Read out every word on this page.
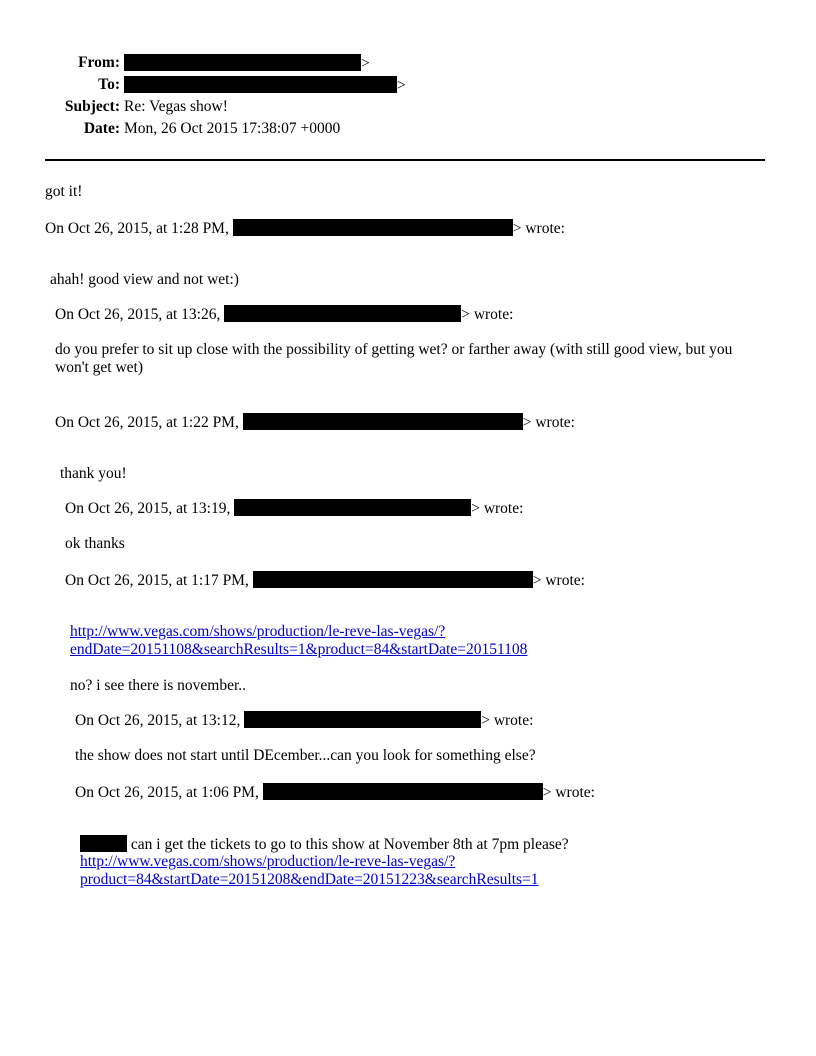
From:	>
To:	>
Subject: Re: Vegas show!
Date: Mon, 26 Oct 2015 17:38:07 +0000
got it!
On Oct 26, 2015, at 1:28 PM,	> wrote:
ahah! good view and not wet:)
On Oct 26, 2015, at 13:26,	> wrote:
do you prefer to sit up close with the possibility of getting wet? or farther away (with still good view, but you won't get wet)
On Oct 26, 2015, at 1:22 PM,	> wrote:
thank you!
On Oct 26, 2015, at 13:19,	> wrote:
ok thanks
On Oct 26, 2015, at 1:17 PM,	> wrote:
http://www.vegas.com/shows/production/le-reve-las-vegas/?
endDate=20151108&searchResults=1&product=84&startDate=20151108
no? i see there is november..
On Oct 26, 2015, at 13:12,	> wrote:
the show does not start until DEcember...can you look for something else?
On Oct 26, 2015, at 1:06 PM,	> wrote:
can i get the tickets to go to this show at November 8th at 7pm please?
http://www.vegas.com/shows/production/le-reve-las-vegas/?
product=84&startDate=20151208&endDate=20151223&searchResults=1
